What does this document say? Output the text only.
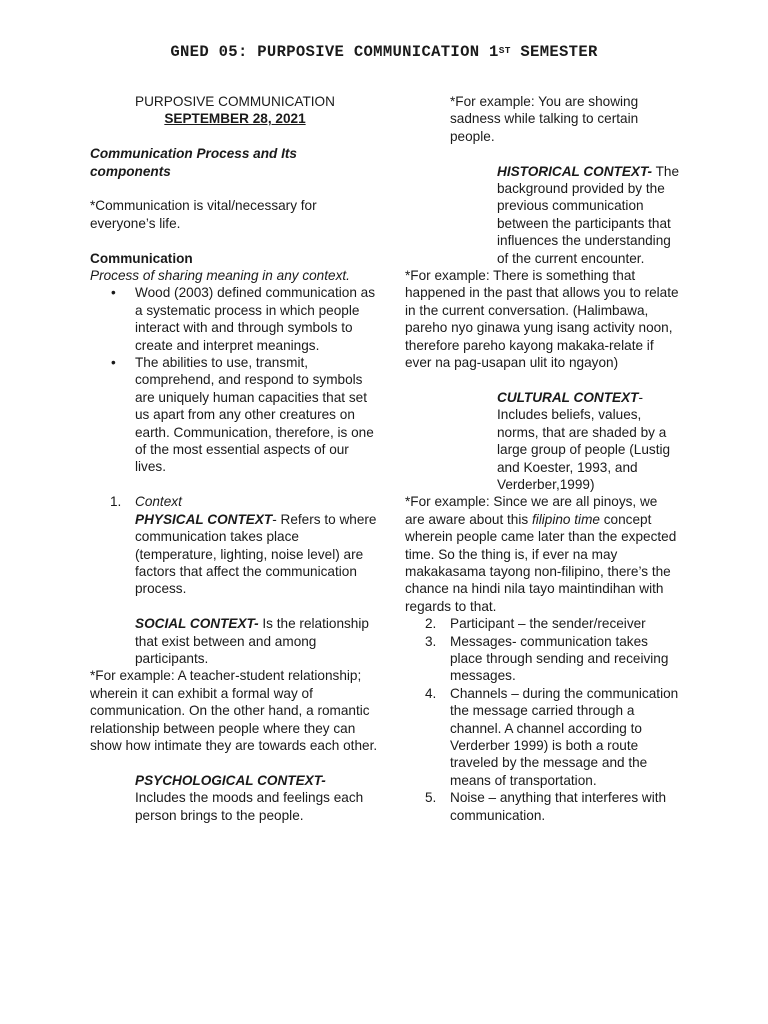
GNED 05: PURPOSIVE COMMUNICATION 1ST SEMESTER

PURPOSIVE COMMUNICATION

SEPTEMBER 28, 2021

Communication Process and Its components

*Communication is vital/necessary for everyone’s life.

Communication

Process of sharing meaning in any context.

• Wood (2003) defined communication as a systematic process in which people interact with and through symbols to create and interpret meanings.
• The abilities to use, transmit, comprehend, and respond to symbols are uniquely human capacities that set us apart from any other creatures on earth. Communication, therefore, is one of the most essential aspects of our lives.
1. Context

PHYSICAL CONTEXT- Refers to where communication takes place (temperature, lighting, noise level) are factors that affect the communication process.

SOCIAL CONTEXT- Is the relationship that exist between and among participants.

*For example: A teacher-student relationship; wherein it can exhibit a formal way of communication. On the other hand, a romantic relationship between people where they can show how intimate they are towards each other.

PSYCHOLOGICAL CONTEXT-

Includes the moods and feelings each person brings to the people.

*For example: You are showing sadness while talking to certain people.

HISTORICAL CONTEXT- The background provided by the previous communication between the participants that influences the understanding of the current encounter.

*For example: There is something that happened in the past that allows you to relate in the current conversation. (Halimbawa, pareho nyo ginawa yung isang activity noon, therefore pareho kayong makaka-relate if ever na pag-usapan ulit ito ngayon)

CULTURAL CONTEXT- Includes beliefs, values, norms, that are shaded by a large group of people (Lustig and Koester, 1993, and Verderber,1999)

*For example: Since we are all pinoys, we are aware about this filipino time concept wherein people came later than the expected time. So the thing is, if ever na may makakasama tayong non-filipino, there’s the chance na hindi nila tayo maintindihan with regards to that.

2. Participant – the sender/receiver
3. Messages- communication takes place through sending and receiving messages.
4. Channels – during the communication the message carried through a channel. A channel according to Verderber 1999) is both a route traveled by the message and the means of transportation.
5. Noise – anything that interferes with communication.
